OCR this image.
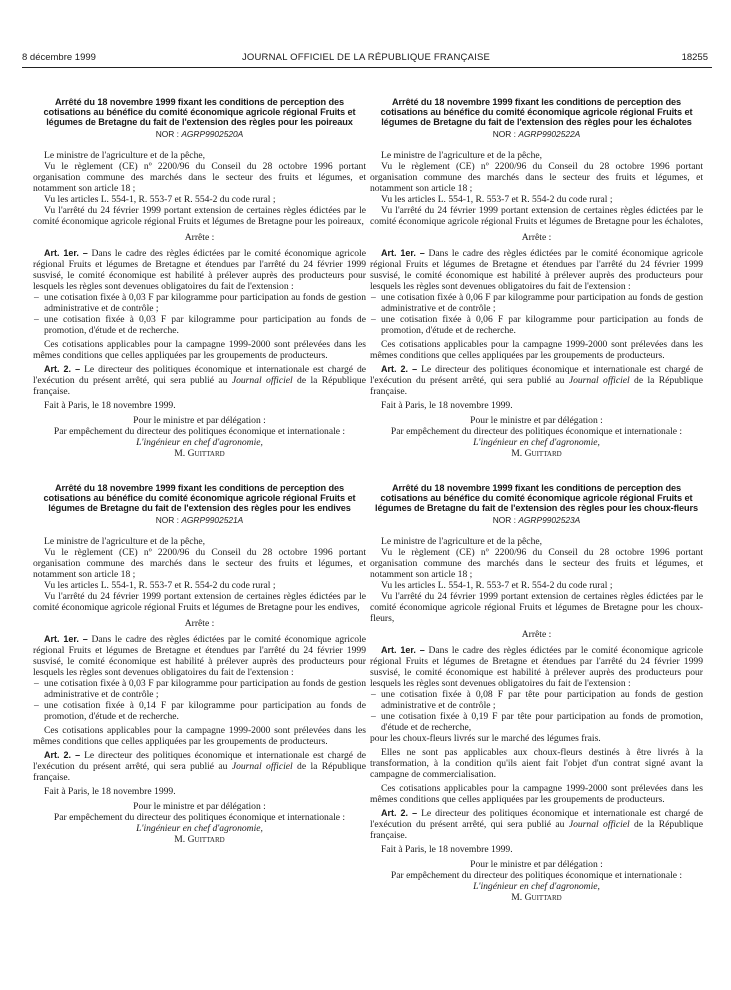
8 décembre 1999	JOURNAL OFFICIEL DE LA RÉPUBLIQUE FRANÇAISE	18255
Arrêté du 18 novembre 1999 fixant les conditions de perception des cotisations au bénéfice du comité économique agricole régional Fruits et légumes de Bretagne du fait de l'extension des règles pour les poireaux
NOR : AGRP9902520A

Le ministre de l'agriculture et de la pêche,

Vu le règlement (CE) nº 2200/96 du Conseil du 28 octobre 1996 portant organisation commune des marchés dans le secteur des fruits et légumes, et notamment son article 18 ;

Vu les articles L. 554-1, R. 553-7 et R. 554-2 du code rural ;

Vu l'arrêté du 24 février 1999 portant extension de certaines règles édictées par le comité économique agricole régional Fruits et légumes de Bretagne pour les poireaux,

Arrête :

Art. 1er. – Dans le cadre des règles édictées par le comité économique agricole régional Fruits et légumes de Bretagne et étendues par l'arrêté du 24 février 1999 susvisé, le comité économique est habilité à prélever auprès des producteurs pour lesquels les règles sont devenues obligatoires du fait de l'extension :

– une cotisation fixée à 0,03 F par kilogramme pour participation au fonds de gestion administrative et de contrôle ;
– une cotisation fixée à 0,03 F par kilogramme pour participation au fonds de promotion, d'étude et de recherche.

Ces cotisations applicables pour la campagne 1999-2000 sont prélevées dans les mêmes conditions que celles appliquées par les groupements de producteurs.

Art. 2. – Le directeur des politiques économique et internationale est chargé de l'exécution du présent arrêté, qui sera publié au Journal officiel de la République française.

Fait à Paris, le 18 novembre 1999.

Pour le ministre et par délégation :
Par empêchement du directeur des politiques économique et internationale :
L'ingénieur en chef d'agronomie,
M. Guittard
Arrêté du 18 novembre 1999 fixant les conditions de perception des cotisations au bénéfice du comité économique agricole régional Fruits et légumes de Bretagne du fait de l'extension des règles pour les endives
NOR : AGRP9902521A

Le ministre de l'agriculture et de la pêche,

Vu le règlement (CE) nº 2200/96 du Conseil du 28 octobre 1996 portant organisation commune des marchés dans le secteur des fruits et légumes, et notamment son article 18 ;

Vu les articles L. 554-1, R. 553-7 et R. 554-2 du code rural ;

Vu l'arrêté du 24 février 1999 portant extension de certaines règles édictées par le comité économique agricole régional Fruits et légumes de Bretagne pour les endives,

Arrête :

Art. 1er. – Dans le cadre des règles édictées par le comité économique agricole régional Fruits et légumes de Bretagne et étendues par l'arrêté du 24 février 1999 susvisé, le comité économique est habilité à prélever auprès des producteurs pour lesquels les règles sont devenues obligatoires du fait de l'extension :

– une cotisation fixée à 0,03 F par kilogramme pour participation au fonds de gestion administrative et de contrôle ;
– une cotisation fixée à 0,14 F par kilogramme pour participation au fonds de promotion, d'étude et de recherche.

Ces cotisations applicables pour la campagne 1999-2000 sont prélevées dans les mêmes conditions que celles appliquées par les groupements de producteurs.

Art. 2. – Le directeur des politiques économique et internationale est chargé de l'exécution du présent arrêté, qui sera publié au Journal officiel de la République française.

Fait à Paris, le 18 novembre 1999.

Pour le ministre et par délégation :
Par empêchement du directeur des politiques économique et internationale :
L'ingénieur en chef d'agronomie,
M. Guittard
Arrêté du 18 novembre 1999 fixant les conditions de perception des cotisations au bénéfice du comité économique agricole régional Fruits et légumes de Bretagne du fait de l'extension des règles pour les échalotes
NOR : AGRP9902522A

Le ministre de l'agriculture et de la pêche,

Vu le règlement (CE) nº 2200/96 du Conseil du 28 octobre 1996 portant organisation commune des marchés dans le secteur des fruits et légumes, et notamment son article 18 ;

Vu les articles L. 554-1, R. 553-7 et R. 554-2 du code rural ;

Vu l'arrêté du 24 février 1999 portant extension de certaines règles édictées par le comité économique agricole régional Fruits et légumes de Bretagne pour les échalotes,

Arrête :

Art. 1er. – Dans le cadre des règles édictées par le comité économique agricole régional Fruits et légumes de Bretagne et étendues par l'arrêté du 24 février 1999 susvisé, le comité économique est habilité à prélever auprès des producteurs pour lesquels les règles sont devenues obligatoires du fait de l'extension :

– une cotisation fixée à 0,06 F par kilogramme pour participation au fonds de gestion administrative et de contrôle ;
– une cotisation fixée à 0,06 F par kilogramme pour participation au fonds de promotion, d'étude et de recherche.

Ces cotisations applicables pour la campagne 1999-2000 sont prélevées dans les mêmes conditions que celles appliquées par les groupements de producteurs.

Art. 2. – Le directeur des politiques économique et internationale est chargé de l'exécution du présent arrêté, qui sera publié au Journal officiel de la République française.

Fait à Paris, le 18 novembre 1999.

Pour le ministre et par délégation :
Par empêchement du directeur des politiques économique et internationale :
L'ingénieur en chef d'agronomie,
M. Guittard
Arrêté du 18 novembre 1999 fixant les conditions de perception des cotisations au bénéfice du comité économique agricole régional Fruits et légumes de Bretagne du fait de l'extension des règles pour les choux-fleurs
NOR : AGRP9902523A

Le ministre de l'agriculture et de la pêche,

Vu le règlement (CE) nº 2200/96 du Conseil du 28 octobre 1996 portant organisation commune des marchés dans le secteur des fruits et légumes, et notamment son article 18 ;

Vu les articles L. 554-1, R. 553-7 et R. 554-2 du code rural ;

Vu l'arrêté du 24 février 1999 portant extension de certaines règles édictées par le comité économique agricole régional Fruits et légumes de Bretagne pour les choux-fleurs,

Arrête :

Art. 1er. – Dans le cadre des règles édictées par le comité économique agricole régional Fruits et légumes de Bretagne et étendues par l'arrêté du 24 février 1999 susvisé, le comité économique est habilité à prélever auprès des producteurs pour lesquels les règles sont devenues obligatoires du fait de l'extension :

– une cotisation fixée à 0,08 F par tête pour participation au fonds de gestion administrative et de contrôle ;
– une cotisation fixée à 0,19 F par tête pour participation au fonds de promotion, d'étude et de recherche,

pour les choux-fleurs livrés sur le marché des légumes frais.

Elles ne sont pas applicables aux choux-fleurs destinés à être livrés à la transformation, à la condition qu'ils aient fait l'objet d'un contrat signé avant la campagne de commercialisation.

Ces cotisations applicables pour la campagne 1999-2000 sont prélevées dans les mêmes conditions que celles appliquées par les groupements de producteurs.

Art. 2. – Le directeur des politiques économique et internationale est chargé de l'exécution du présent arrêté, qui sera publié au Journal officiel de la République française.

Fait à Paris, le 18 novembre 1999.

Pour le ministre et par délégation :
Par empêchement du directeur des politiques économique et internationale :
L'ingénieur en chef d'agronomie,
M. Guittard
